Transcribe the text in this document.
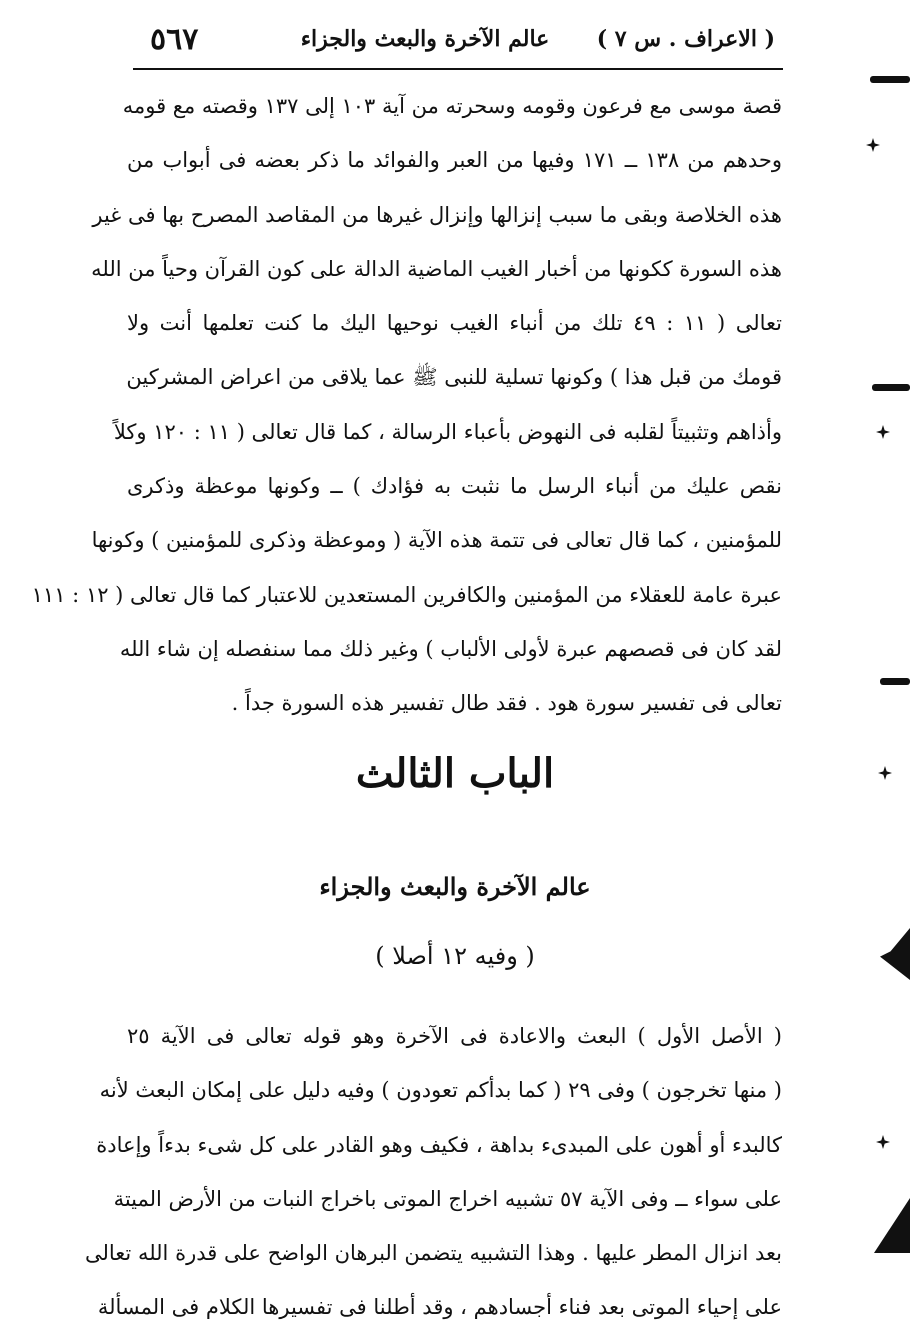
٥٦٧	عالم الآخرة والبعث والجزاء ( الاعراف . س ٧ )
قصة موسى مع فرعون وقومه وسحرته من آية ١٠٣ إلى ١٣٧ وقصته مع قومه
وحدهم من ١٣٨ ــ ١٧١ وفيها من العبر والفوائد ما ذكر بعضه فى أبواب من
هذه الخلاصة وبقى ما سبب إنزالها وإنزال غيرها من المقاصد المصرح بها فى غير
هذه السورة ككونها من أخبار الغيب الماضية الدالة على كون القرآن وحياً من الله
تعالى ( ١١ : ٤٩ تلك من أنباء الغيب نوحيها اليك ما كنت تعلمها أنت ولا
قومك من قبل هذا ) وكونها تسلية للنبى ﷺ عما يلاقى من اعراض المشركين
وأذاهم وتثبيتاً لقلبه فى النهوض بأعباء الرسالة ، كما قال تعالى ( ١١ : ١٢٠ وكلاً
نقص عليك من أنباء الرسل ما نثبت به فؤادك ) ــ وكونها موعظة وذكرى
للمؤمنين ، كما قال تعالى فى تتمة هذه الآية ( وموعظة وذكرى للمؤمنين ) وكونها
عبرة عامة للعقلاء من المؤمنين والكافرين المستعدين للاعتبار كما قال تعالى ( ١٢ : ١١١
لقد كان فى قصصهم عبرة لأولى الألباب ) وغير ذلك مما سنفصله إن شاء الله
تعالى فى تفسير سورة هود . فقد طال تفسير هذه السورة جداً .
الباب الثالث
عالم الآخرة والبعث والجزاء
( وفيه ١٢ أصلا )
( الأصل الأول ) البعث والاعادة فى الآخرة وهو قوله تعالى فى الآية ٢٥
( منها تخرجون ) وفى ٢٩ ( كما بدأكم تعودون ) وفيه دليل على إمكان البعث لأنه
كالبدء أو أهون على المبدىء بداهة ، فكيف وهو القادر على كل شىء بدءاً وإعادة
على سواء ــ وفى الآية ٥٧ تشبيه اخراج الموتى باخراج النبات من الأرض الميتة
بعد انزال المطر عليها . وهذا التشبيه يتضمن البرهان الواضح على قدرة الله تعالى
على إحياء الموتى بعد فناء أجسادهم ، وقد أطلنا فى تفسيرها الكلام فى المسألة
